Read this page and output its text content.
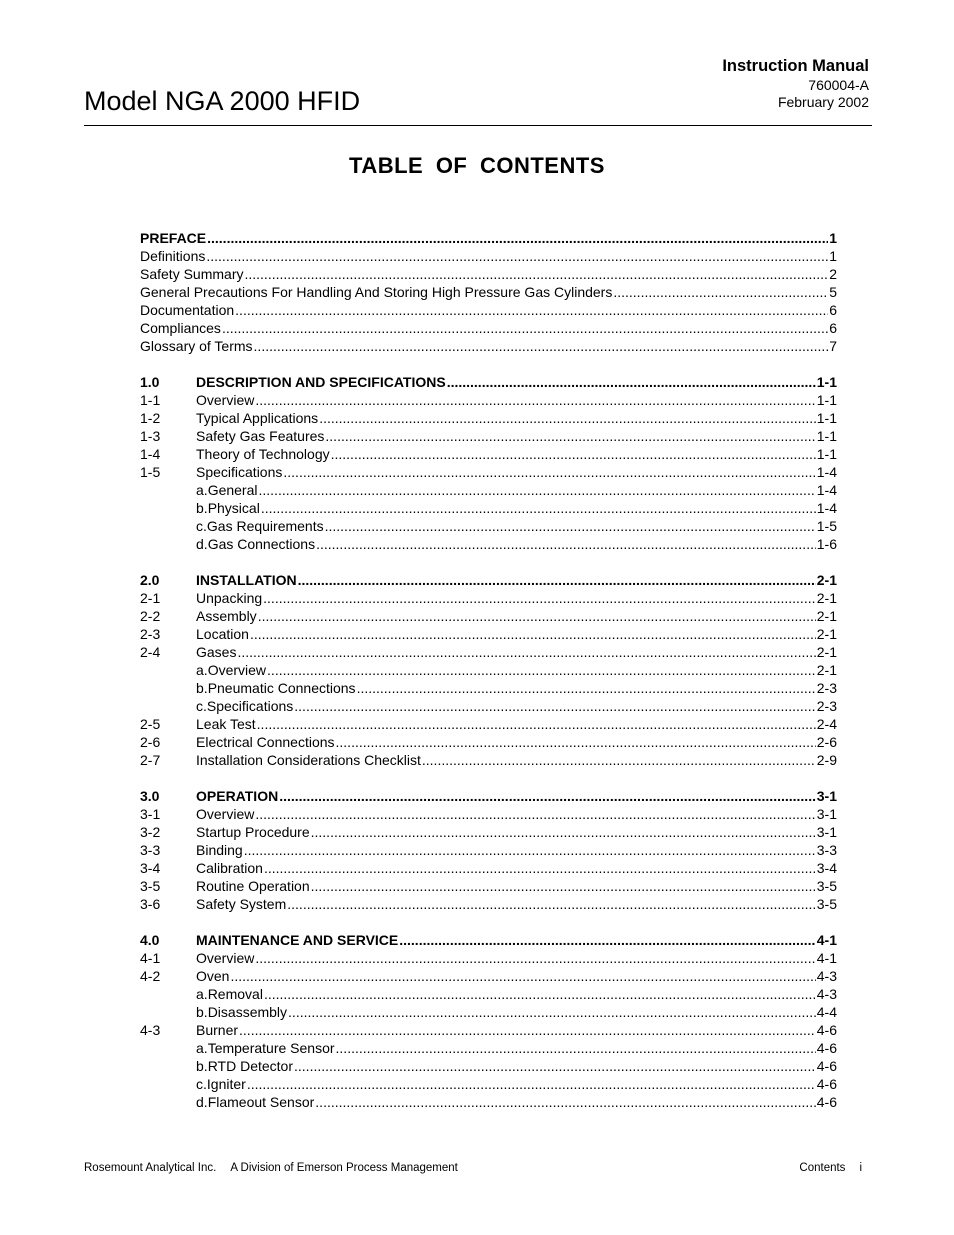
Instruction Manual
760004-A
February 2002
Model NGA 2000 HFID
TABLE OF CONTENTS
PREFACE .....	1
Definitions .....	1
Safety Summary .....	2
General Precautions For Handling And Storing High Pressure Gas Cylinders .....	5
Documentation .....	6
Compliances .....	6
Glossary of Terms .....	7
1.0	DESCRIPTION AND SPECIFICATIONS .....	1-1
1-1	Overview .....	1-1
1-2	Typical Applications .....	1-1
1-3	Safety Gas Features .....	1-1
1-4	Theory of Technology .....	1-1
1-5	Specifications .....	1-4
a. General .....	1-4
b. Physical .....	1-4
c. Gas Requirements .....	1-5
d. Gas Connections .....	1-6
2.0	INSTALLATION .....	2-1
2-1	Unpacking .....	2-1
2-2	Assembly .....	2-1
2-3	Location .....	2-1
2-4	Gases .....	2-1
a. Overview .....	2-1
b. Pneumatic Connections .....	2-3
c. Specifications .....	2-3
2-5	Leak Test .....	2-4
2-6	Electrical Connections .....	2-6
2-7	Installation Considerations Checklist .....	2-9
3.0	OPERATION .....	3-1
3-1	Overview .....	3-1
3-2	Startup Procedure .....	3-1
3-3	Binding .....	3-3
3-4	Calibration .....	3-4
3-5	Routine Operation .....	3-5
3-6	Safety System .....	3-5
4.0	MAINTENANCE AND SERVICE .....	4-1
4-1	Overview .....	4-1
4-2	Oven .....	4-3
a. Removal .....	4-3
b. Disassembly .....	4-4
4-3	Burner .....	4-6
a. Temperature Sensor .....	4-6
b. RTD Detector .....	4-6
c. Igniter .....	4-6
d. Flameout Sensor .....	4-6
Rosemount Analytical Inc. A Division of Emerson Process Management	Contents i
